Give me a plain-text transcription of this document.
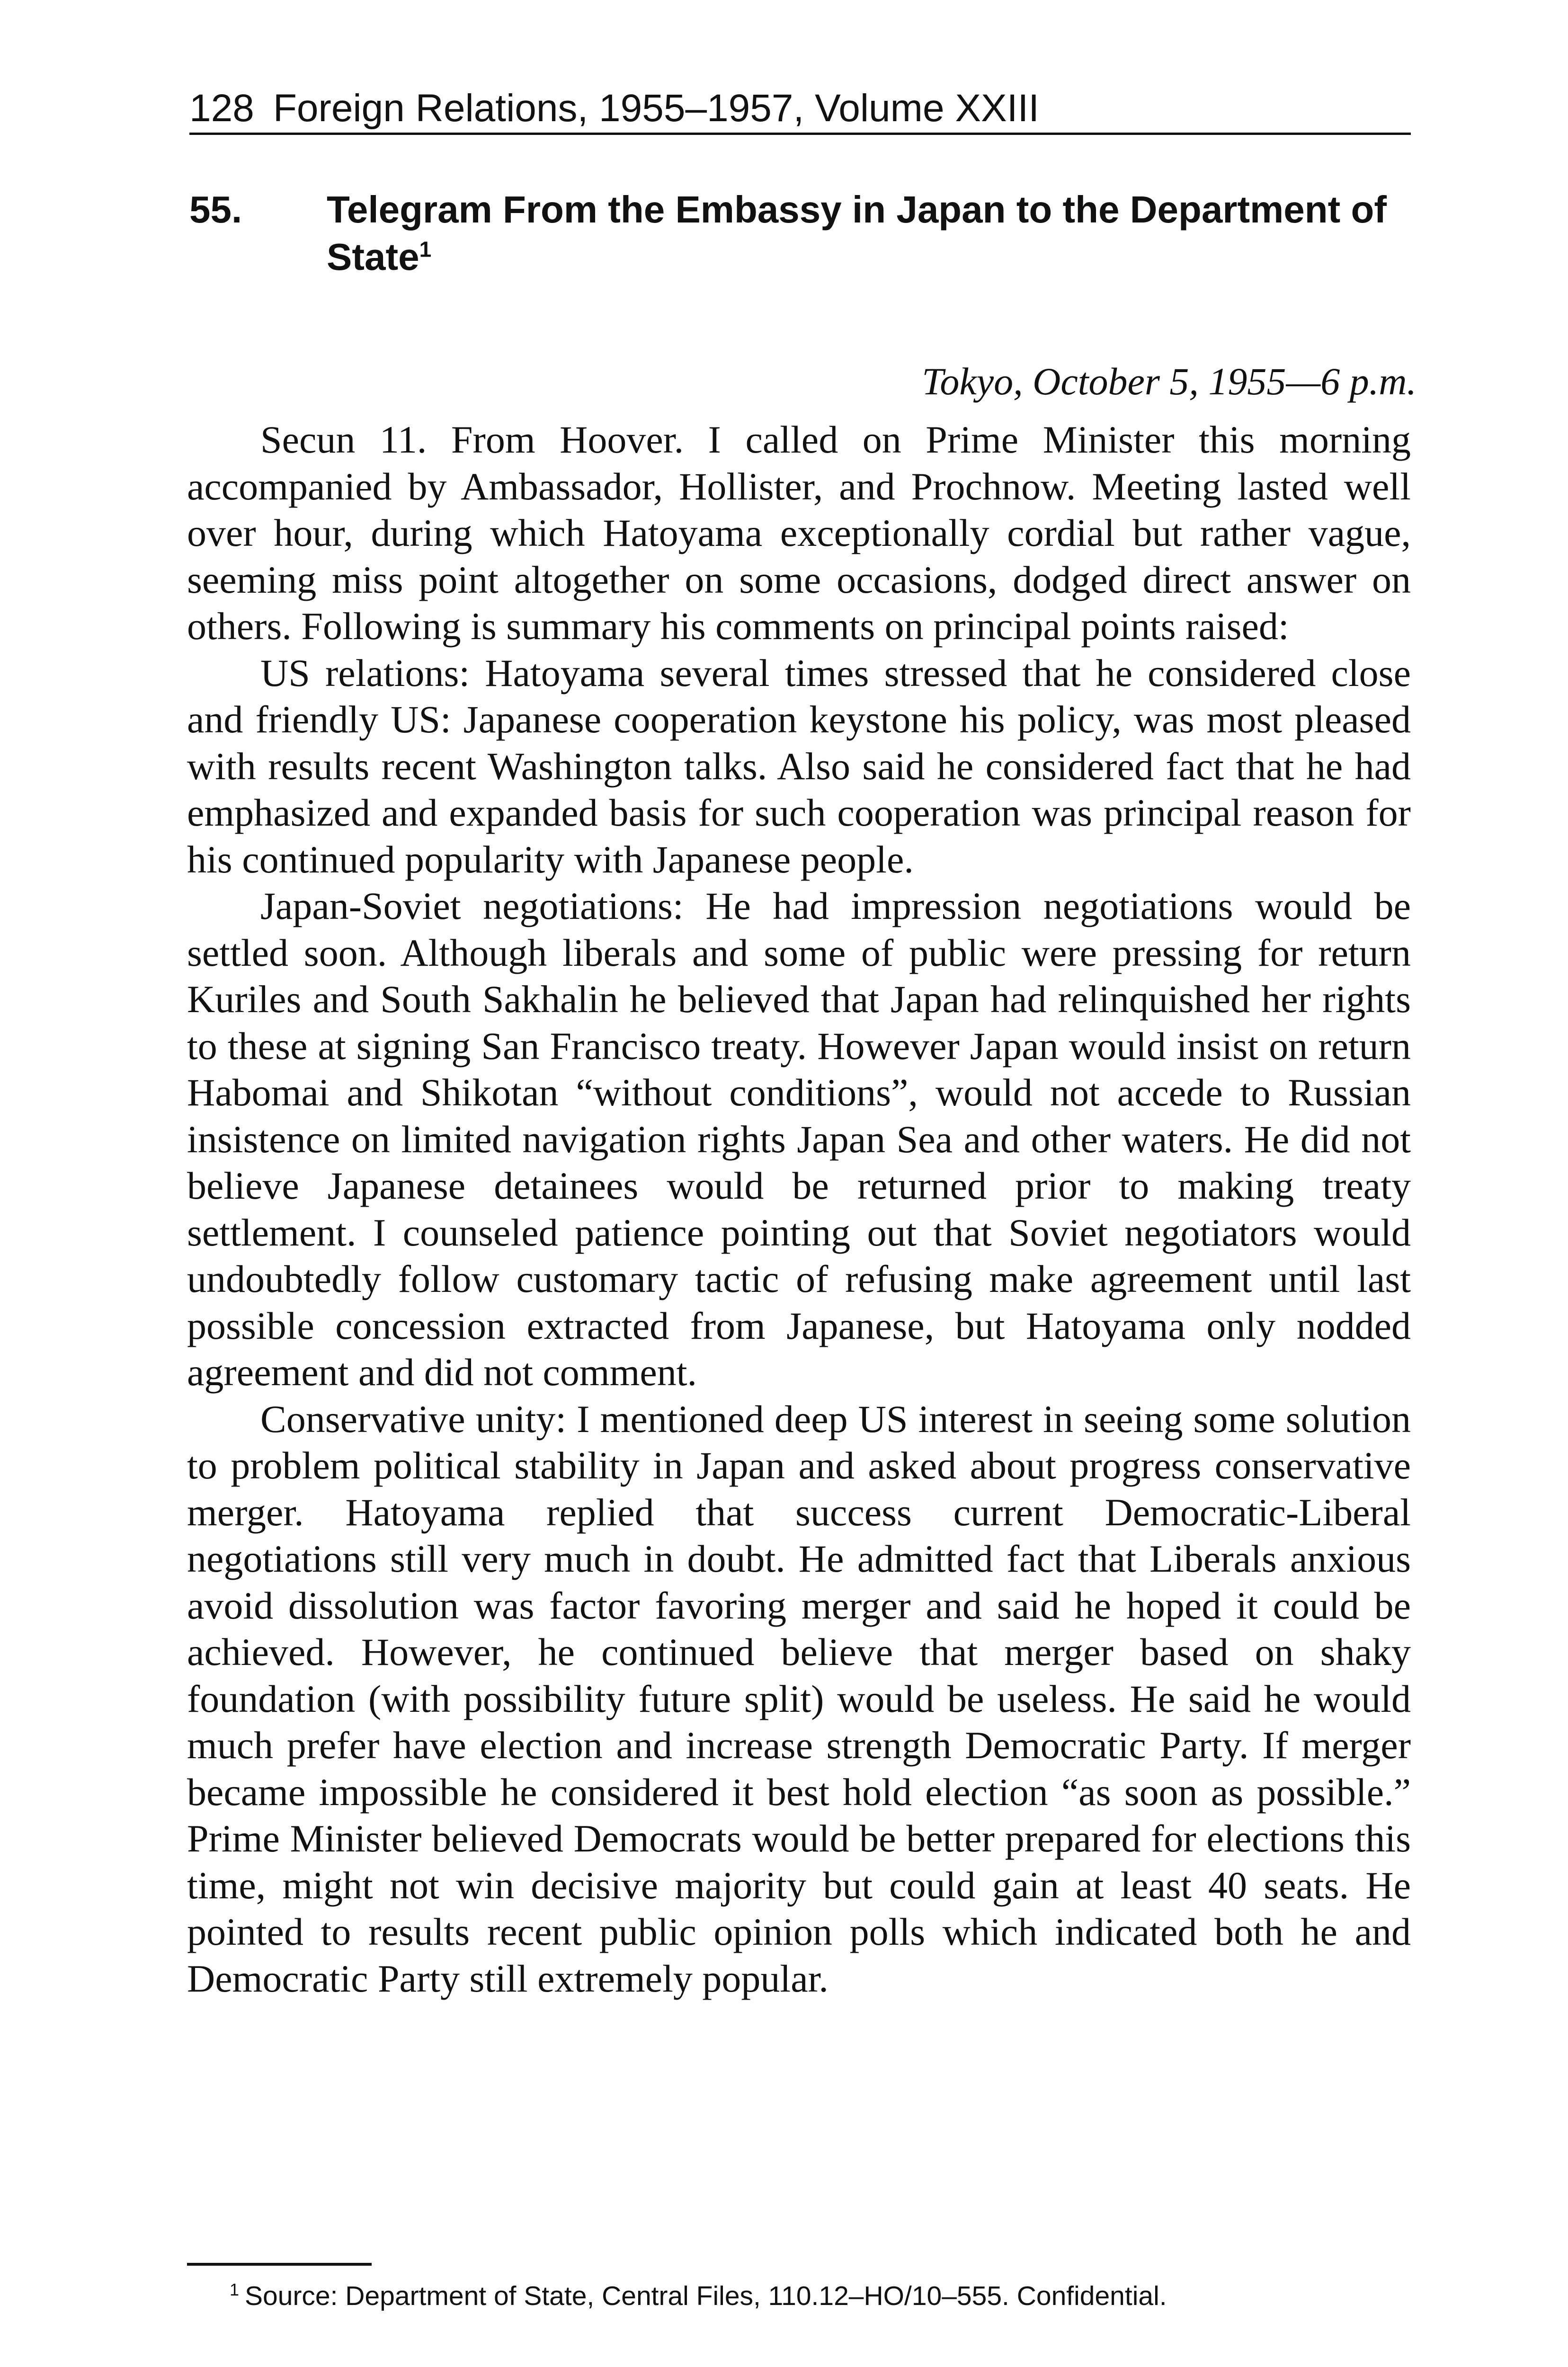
128 Foreign Relations, 1955–1957, Volume XXIII
55. Telegram From the Embassy in Japan to the Department of State$^1$
Tokyo, October 5, 1955—6 p.m.

Secun 11. From Hoover. I called on Prime Minister this morning accompanied by Ambassador, Hollister, and Prochnow. Meeting lasted well over hour, during which Hatoyama exceptionally cordial but rather vague, seeming miss point altogether on some occasions, dodged direct answer on others. Following is summary his comments on principal points raised:

US relations: Hatoyama several times stressed that he considered close and friendly US: Japanese cooperation keystone his policy, was most pleased with results recent Washington talks. Also said he considered fact that he had emphasized and expanded basis for such cooperation was principal reason for his continued popularity with Japanese people.

Japan-Soviet negotiations: He had impression negotiations would be settled soon. Although liberals and some of public were pressing for return Kuriles and South Sakhalin he believed that Japan had relinquished her rights to these at signing San Francisco treaty. However Japan would insist on return Habomai and Shikotan “without conditions”, would not accede to Russian insistence on limited navigation rights Japan Sea and other waters. He did not believe Japanese detainees would be returned prior to making treaty settlement. I counseled patience pointing out that Soviet negotiators would undoubtedly follow customary tactic of refusing make agreement until last possible concession extracted from Japanese, but Hatoyama only nodded agreement and did not comment.

Conservative unity: I mentioned deep US interest in seeing some solution to problem political stability in Japan and asked about progress conservative merger. Hatoyama replied that success current Democratic-Liberal negotiations still very much in doubt. He admitted fact that Liberals anxious avoid dissolution was factor favoring merger and said he hoped it could be achieved. However, he continued believe that merger based on shaky foundation (with possibility future split) would be useless. He said he would much prefer have election and increase strength Democratic Party. If merger became impossible he considered it best hold election “as soon as possible.” Prime Minister believed Democrats would be better prepared for elections this time, might not win decisive majority but could gain at least 40 seats. He pointed to results recent public opinion polls which indicated both he and Democratic Party still extremely popular.

$^1$ Source: Department of State, Central Files, 110.12–HO/10–555. Confidential.
